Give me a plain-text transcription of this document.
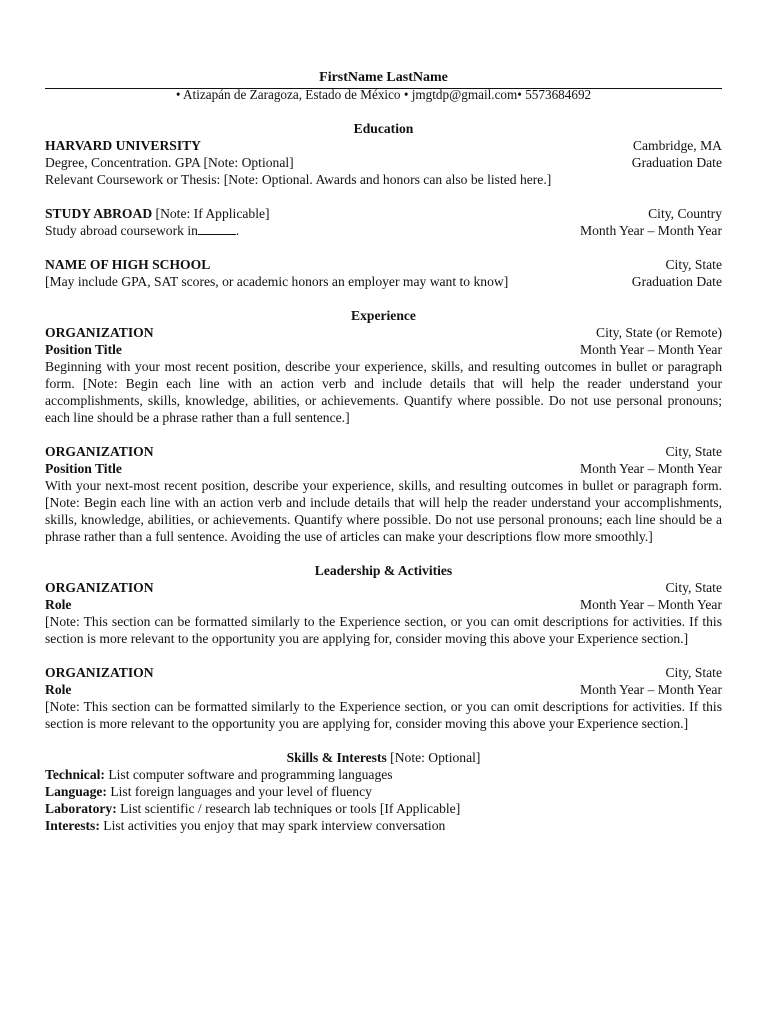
FirstName LastName
• Atizapán de Zaragoza, Estado de México • jmgtdp@gmail.com• 5573684692
Education
HARVARD UNIVERSITY	Cambridge, MA
Degree, Concentration. GPA [Note: Optional]	Graduation Date
Relevant Coursework or Thesis: [Note: Optional. Awards and honors can also be listed here.]
STUDY ABROAD [Note: If Applicable]	City, Country
Study abroad coursework in	.	Month Year – Month Year
NAME OF HIGH SCHOOL	City, State
[May include GPA, SAT scores, or academic honors an employer may want to know]	Graduation Date
Experience
ORGANIZATION	City, State (or Remote)
Position Title	Month Year – Month Year
Beginning with your most recent position, describe your experience, skills, and resulting outcomes in bullet or paragraph form. [Note: Begin each line with an action verb and include details that will help the reader understand your accomplishments, skills, knowledge, abilities, or achievements. Quantify where possible. Do not use personal pronouns; each line should be a phrase rather than a full sentence.]
ORGANIZATION	City, State
Position Title	Month Year – Month Year
With your next-most recent position, describe your experience, skills, and resulting outcomes in bullet or paragraph form. [Note: Begin each line with an action verb and include details that will help the reader understand your accomplishments, skills, knowledge, abilities, or achievements. Quantify where possible. Do not use personal pronouns; each line should be a phrase rather than a full sentence. Avoiding the use of articles can make your descriptions flow more smoothly.]
Leadership & Activities
ORGANIZATION	City, State
Role	Month Year – Month Year
[Note: This section can be formatted similarly to the Experience section, or you can omit descriptions for activities. If this section is more relevant to the opportunity you are applying for, consider moving this above your Experience section.]
ORGANIZATION	City, State
Role	Month Year – Month Year
[Note: This section can be formatted similarly to the Experience section, or you can omit descriptions for activities. If this section is more relevant to the opportunity you are applying for, consider moving this above your Experience section.]
Skills & Interests [Note: Optional]
Technical: List computer software and programming languages
Language: List foreign languages and your level of fluency
Laboratory: List scientific / research lab techniques or tools [If Applicable]
Interests: List activities you enjoy that may spark interview conversation
